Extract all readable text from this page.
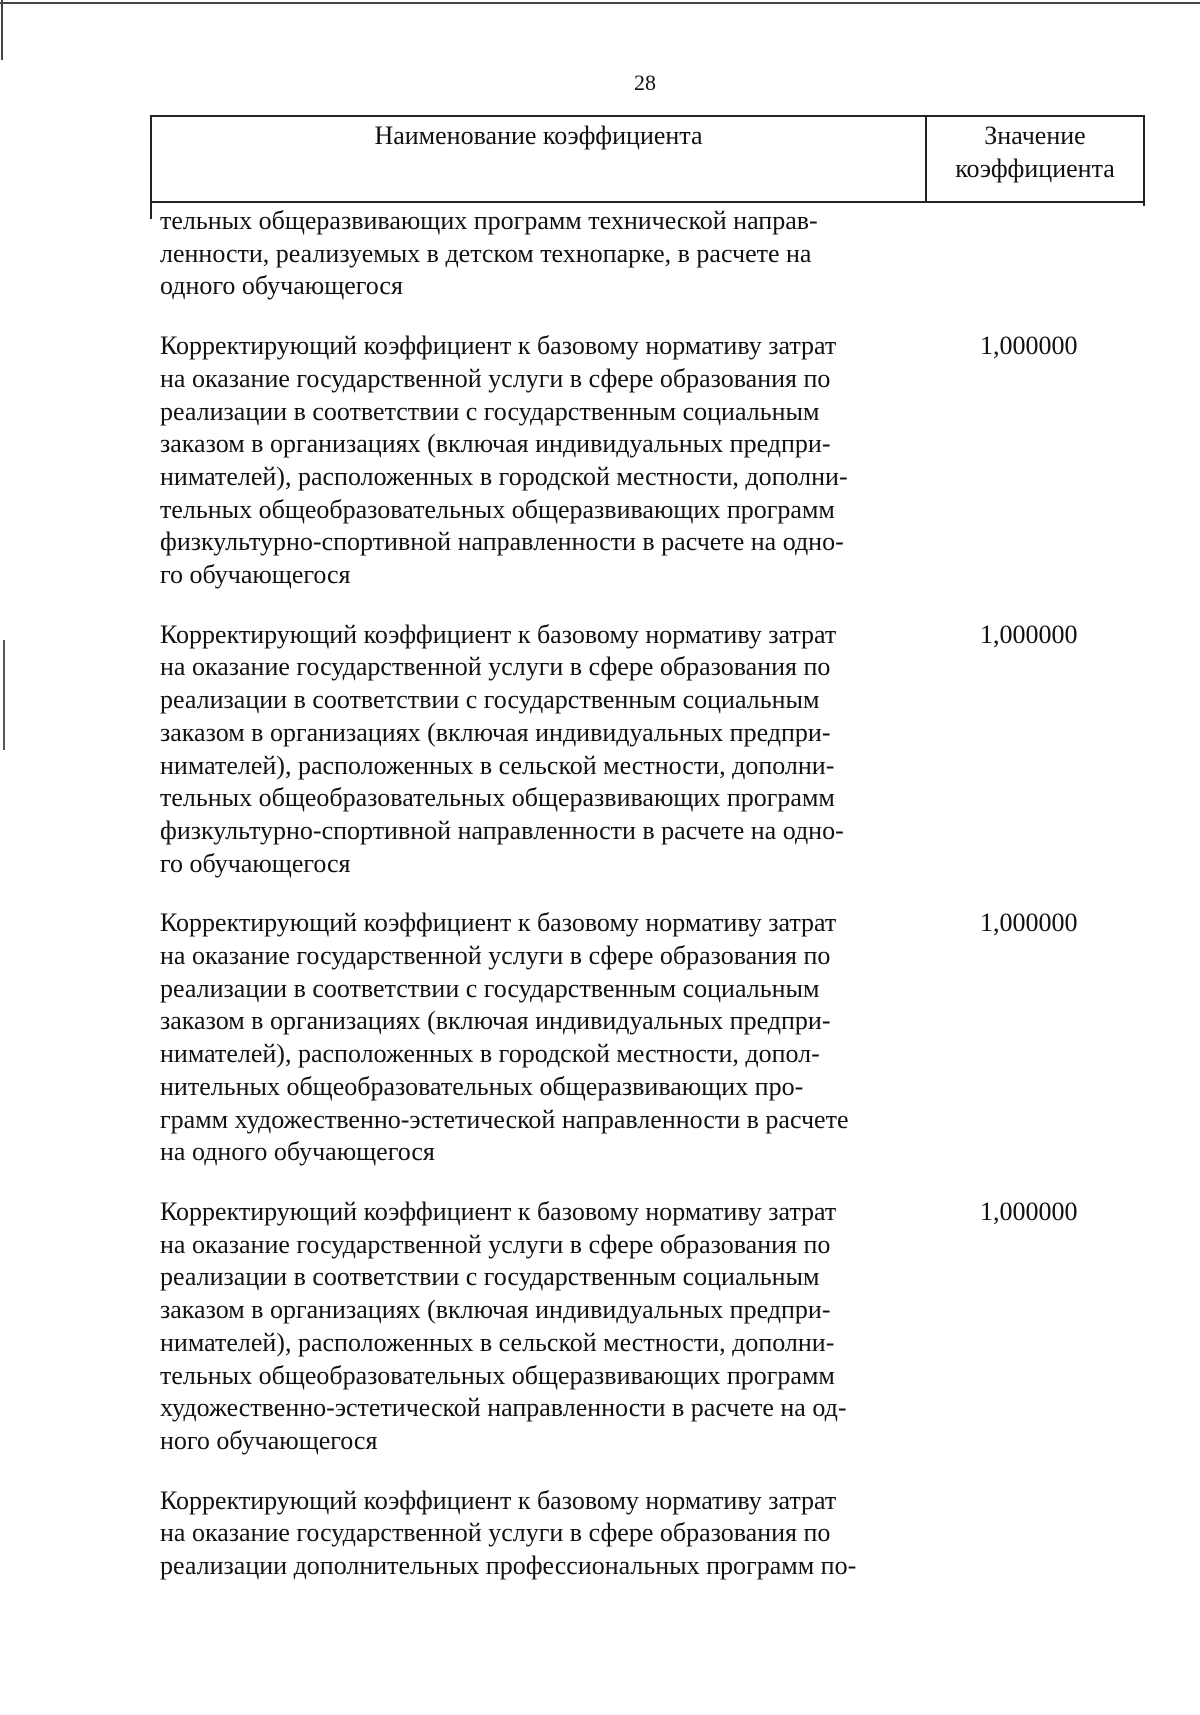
28
Наименование коэффициента	Значение
коэффициента

тельных общеразвивающих программ технической направ-

ленности, реализуемых в детском технопарке, в расчете на

одного обучающегося

Корректирующий коэффициент к базовому нормативу затрат

на оказание государственной услуги в сфере образования по

реализации в соответствии с государственным социальным

заказом в организациях (включая индивидуальных предпри-

нимателей), расположенных в городской местности, дополни-

тельных общеобразовательных общеразвивающих программ

физкультурно-спортивной направленности в расчете на одно-

го обучающегося

1,000000

Корректирующий коэффициент к базовому нормативу затрат

на оказание государственной услуги в сфере образования по

реализации в соответствии с государственным социальным

заказом в организациях (включая индивидуальных предпри-

нимателей), расположенных в сельской местности, дополни-

тельных общеобразовательных общеразвивающих программ

физкультурно-спортивной направленности в расчете на одно-

го обучающегося

1,000000

Корректирующий коэффициент к базовому нормативу затрат

на оказание государственной услуги в сфере образования по

реализации в соответствии с государственным социальным

заказом в организациях (включая индивидуальных предпри-

нимателей), расположенных в городской местности, допол-

нительных общеобразовательных общеразвивающих про-

грамм художественно-эстетической направленности в расчете

на одного обучающегося

1,000000

Корректирующий коэффициент к базовому нормативу затрат

на оказание государственной услуги в сфере образования по

реализации в соответствии с государственным социальным

заказом в организациях (включая индивидуальных предпри-

нимателей), расположенных в сельской местности, дополни-

тельных общеобразовательных общеразвивающих программ

художественно-эстетической направленности в расчете на од-

ного обучающегося

1,000000

Корректирующий коэффициент к базовому нормативу затрат

на оказание государственной услуги в сфере образования по

реализации дополнительных профессиональных программ по-
